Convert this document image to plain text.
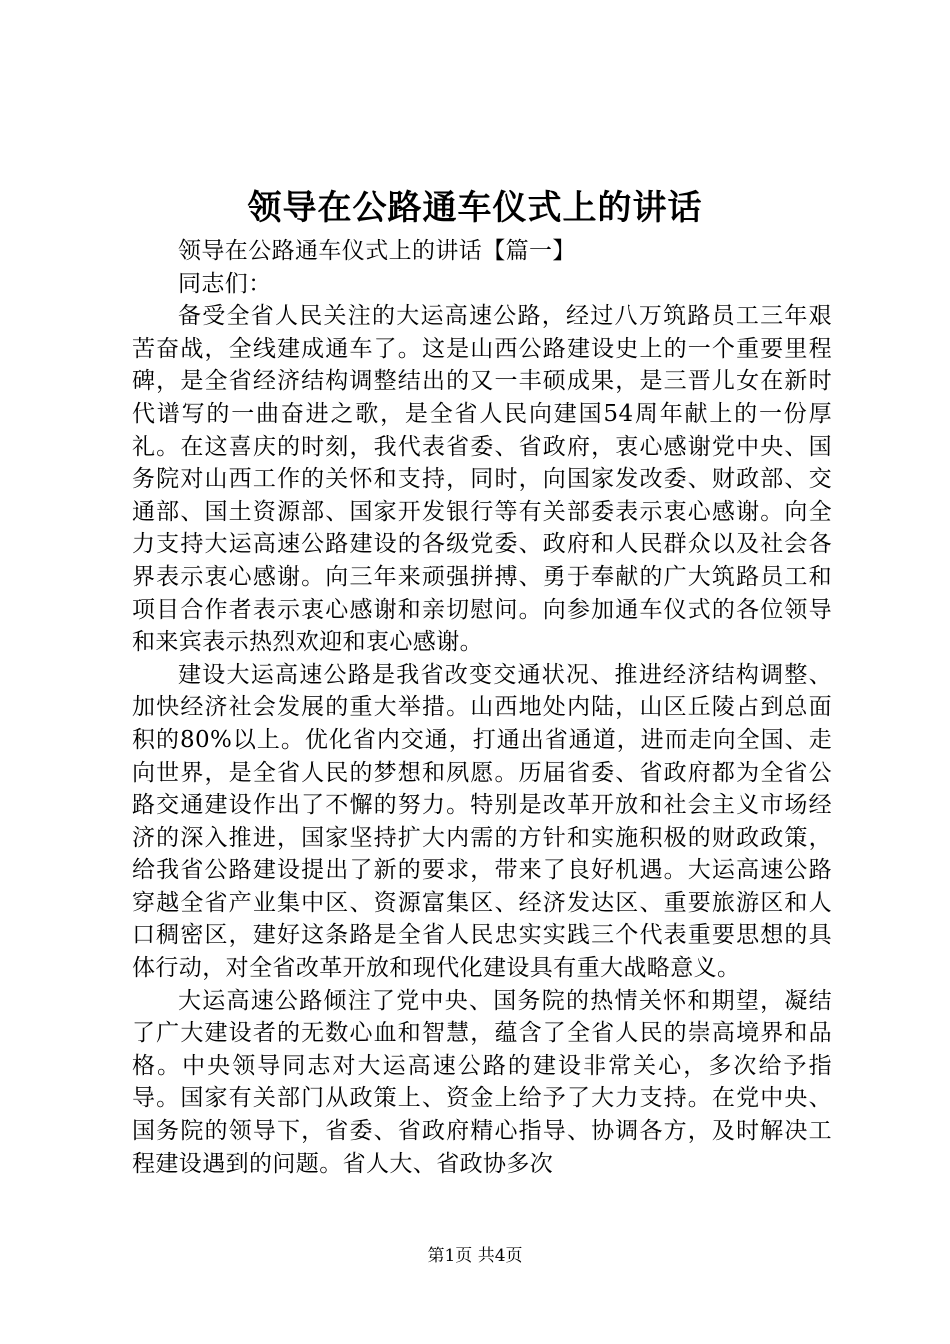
领导在公路通车仪式上的讲话

领导在公路通车仪式上的讲话【篇一】

同志们：

备受全省人民关注的大运高速公路，经过八万筑路员工三年艰苦奋战，全线建成通车了。这是山西公路建设史上的一个重要里程碑，是全省经济结构调整结出的又一丰硕成果，是三晋儿女在新时代谱写的一曲奋进之歌，是全省人民向建国54周年献上的一份厚礼。在这喜庆的时刻，我代表省委、省政府，衷心感谢党中央、国务院对山西工作的关怀和支持，同时，向国家发改委、财政部、交通部、国土资源部、国家开发银行等有关部委表示衷心感谢。向全力支持大运高速公路建设的各级党委、政府和人民群众以及社会各界表示衷心感谢。向三年来顽强拼搏、勇于奉献的广大筑路员工和项目合作者表示衷心感谢和亲切慰问。向参加通车仪式的各位领导和来宾表示热烈欢迎和衷心感谢。

建设大运高速公路是我省改变交通状况、推进经济结构调整、加快经济社会发展的重大举措。山西地处内陆，山区丘陵占到总面积的80%以上。优化省内交通，打通出省通道，进而走向全国、走向世界，是全省人民的梦想和夙愿。历届省委、省政府都为全省公路交通建设作出了不懈的努力。特别是改革开放和社会主义市场经济的深入推进，国家坚持扩大内需的方针和实施积极的财政政策，给我省公路建设提出了新的要求，带来了良好机遇。大运高速公路穿越全省产业集中区、资源富集区、经济发达区、重要旅游区和人口稠密区，建好这条路是全省人民忠实实践三个代表重要思想的具体行动，对全省改革开放和现代化建设具有重大战略意义。

大运高速公路倾注了党中央、国务院的热情关怀和期望，凝结了广大建设者的无数心血和智慧，蕴含了全省人民的崇高境界和品格。中央领导同志对大运高速公路的建设非常关心，多次给予指导。国家有关部门从政策上、资金上给予了大力支持。在党中央、国务院的领导下，省委、省政府精心指导、协调各方，及时解决工程建设遇到的问题。省人大、省政协多次

第1页 共4页
